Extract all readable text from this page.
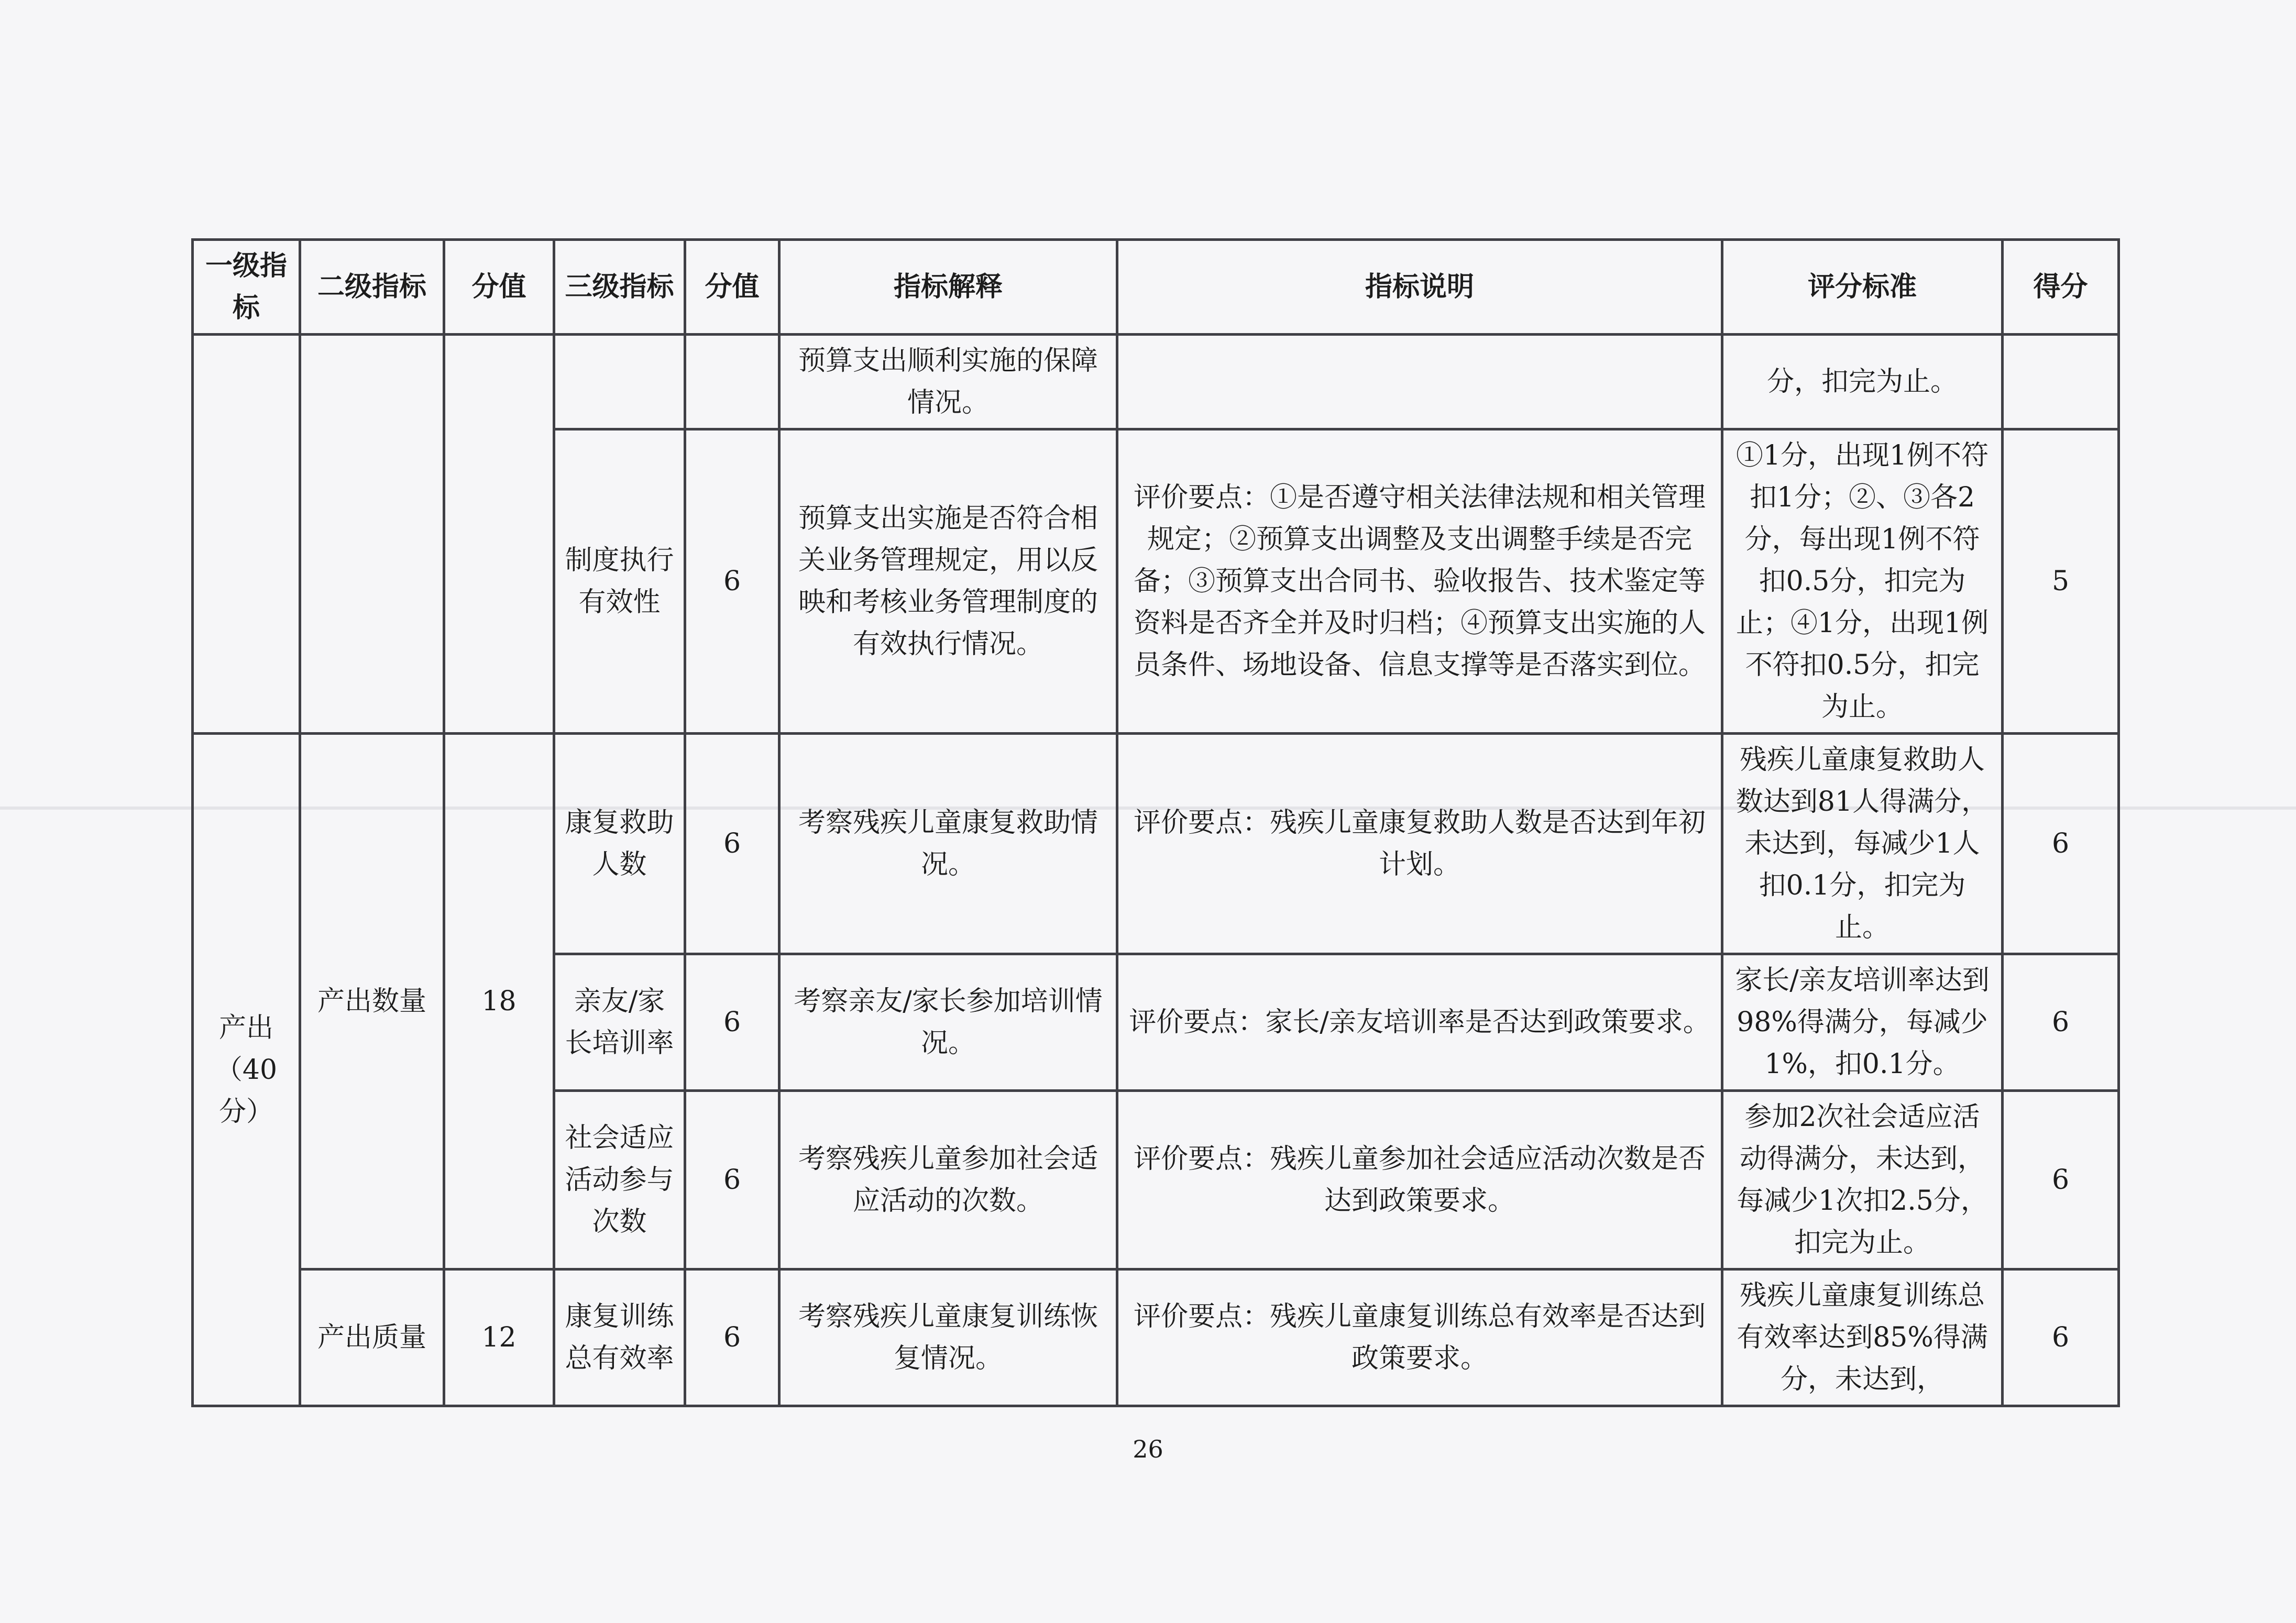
一级指标	二级指标	分值	三级指标	分值	指标解释	指标说明	评分标准	得分
					预算支出顺利实施的保障情况。		分，扣完为止。	
			制度执行有效性	6	预算支出实施是否符合相关业务管理规定，用以反映和考核业务管理制度的有效执行情况。	评价要点：①是否遵守相关法律法规和相关管理规定；②预算支出调整及支出调整手续是否完备；③预算支出合同书、验收报告、技术鉴定等资料是否齐全并及时归档；④预算支出实施的人员条件、场地设备、信息支撑等是否落实到位。	①1分，出现1例不符扣1分；②、③各2分，每出现1例不符扣0.5分，扣完为止；④1分，出现1例不符扣0.5分，扣完为止。	5
产出（40分）	产出数量	18	康复救助人数	6	考察残疾儿童康复救助情况。	评价要点：残疾儿童康复救助人数是否达到年初计划。	残疾儿童康复救助人数达到81人得满分，未达到，每减少1人扣0.1分，扣完为止。	6
			亲友/家长培训率	6	考察亲友/家长参加培训情况。	评价要点：家长/亲友培训率是否达到政策要求。	家长/亲友培训率达到98%得满分，每减少1%，扣0.1分。	6
			社会适应活动参与次数	6	考察残疾儿童参加社会适应活动的次数。	评价要点：残疾儿童参加社会适应活动次数是否达到政策要求。	参加2次社会适应活动得满分，未达到，每减少1次扣2.5分，扣完为止。	6
	产出质量	12	康复训练总有效率	6	考察残疾儿童康复训练恢复情况。	评价要点：残疾儿童康复训练总有效率是否达到政策要求。	残疾儿童康复训练总有效率达到85%得满分，未达到，	6
26
